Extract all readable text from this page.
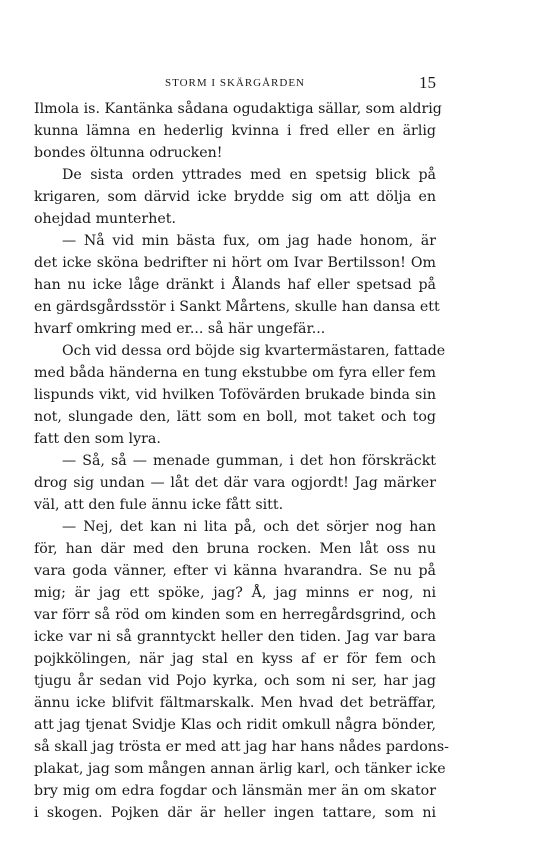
STORM I SKÄRGÅRDEN	15
Ilmola is. Kantänka sådana ogudaktiga sällar, som aldrig
kunna lämna en hederlig kvinna i fred eller en ärlig
bondes öltunna odrucken!
De sista orden yttrades med en spetsig blick på
krigaren, som därvid icke brydde sig om att dölja en
ohejdad munterhet.
— Nå vid min bästa fux, om jag hade honom, är
det icke sköna bedrifter ni hört om Ivar Bertilsson! Om
han nu icke låge dränkt i Ålands haf eller spetsad på
en gärdsgårdsstör i Sankt Mårtens, skulle han dansa ett
hvarf omkring med er... så här ungefär...
Och vid dessa ord böjde sig kvartermästaren, fattade
med båda händerna en tung ekstubbe om fyra eller fem
lispunds vikt, vid hvilken Tofövärden brukade binda sin
not, slungade den, lätt som en boll, mot taket och tog
fatt den som lyra.
— Så, så — menade gumman, i det hon förskräckt
drog sig undan — låt det där vara ogjordt! Jag märker
väl, att den fule ännu icke fått sitt.
— Nej, det kan ni lita på, och det sörjer nog han
för, han där med den bruna rocken. Men låt oss nu
vara goda vänner, efter vi känna hvarandra. Se nu på
mig; är jag ett spöke, jag? Å, jag minns er nog, ni
var förr så röd om kinden som en herregårdsgrind, och
icke var ni så granntyckt heller den tiden. Jag var bara
pojkkölingen, när jag stal en kyss af er för fem och
tjugu år sedan vid Pojo kyrka, och som ni ser, har jag
ännu icke blifvit fältmarskalk. Men hvad det beträffar,
att jag tjenat Svidje Klas och ridit omkull några bönder,
så skall jag trösta er med att jag har hans nådes pardons-
plakat, jag som mången annan ärlig karl, och tänker icke
bry mig om edra fogdar och länsmän mer än om skator
i skogen. Pojken där är heller ingen tattare, som ni
